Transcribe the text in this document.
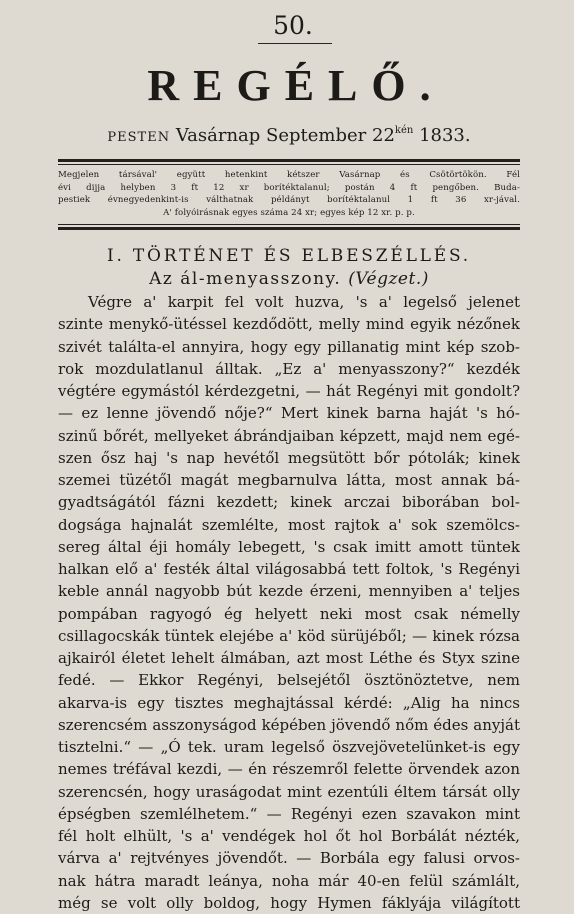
50.
REGÉLŐ.
PESTEN Vasárnap September $22^{kén}$ 1833.
Megjelen társával' együtt hetenkint kétszer Vasárnap és Csötörtökön. Fél
évi dijja helyben 3 ft 12 xr borítéktalanul; postán 4 ft pengőben. Buda-
pestiek évnegyedenkint-is válthatnak példányt borítéktalanul 1 ft 36 xr-jával.
A' folyóirásnak egyes száma 24 xr; egyes kép 12 xr. p. p.
I. TÖRTÉNET ÉS ELBESZÉLLÉS.
Az ál-menyasszony. (Végzet.)
Végre a' karpit fel volt huzva, 's a' legelső jelenet
szinte menykő-ütéssel kezdődött, melly mind egyik nézőnek
szivét találta-el annyira, hogy egy pillanatig mint kép szob-
rok mozdulatlanul álltak. „Ez a' menyasszony?“ kezdék
végtére egymástól kérdezgetni, — hát Regényi mit gondolt?
— ez lenne jövendő nője?“ Mert kinek barna haját 's hó-
szinű bőrét, mellyeket ábrándjaiban képzett, majd nem egé-
szen ősz haj 's nap hevétől megsütött bőr pótolák; kinek
szemei tüzétől magát megbarnulva látta, most annak bá-
gyadtságától fázni kezdett; kinek arczai biborában bol-
dogsága hajnalát szemlélte, most rajtok a' sok szemölcs-
sereg által éji homály lebegett, 's csak imitt amott tüntek
halkan elő a' festék által világosabbá tett foltok, 's Regényi
keble annál nagyobb bút kezde érzeni, mennyiben a' teljes
pompában ragyogó ég helyett neki most csak némelly
csillagocskák tüntek elejébe a' köd sürüjéből; — kinek rózsa
ajkairól életet lehelt álmában, azt most Léthe és Styx szine
fedé. — Ekkor Regényi, belsejétől ösztönöztetve, nem
akarva-is egy tisztes meghajtással kérdé: „Alig ha nincs
szerencsém asszonyságod képében jövendő nőm édes anyját
tisztelni.“ — „Ó tek. uram legelső öszvejövetelünket-is egy
nemes tréfával kezdi, — én részemről felette örvendek azon
szerencsén, hogy uraságodat mint ezentúli éltem társát olly
épségben szemlélhetem.“ — Regényi ezen szavakon mint
fél holt elhült, 's a' vendégek hol őt hol Borbálát nézték,
várva a' rejtvényes jövendőt. — Borbála egy falusi orvos-
nak hátra maradt leánya, noha már 40-en felül számlált,
még se volt olly boldog, hogy Hymen fáklyája világított
